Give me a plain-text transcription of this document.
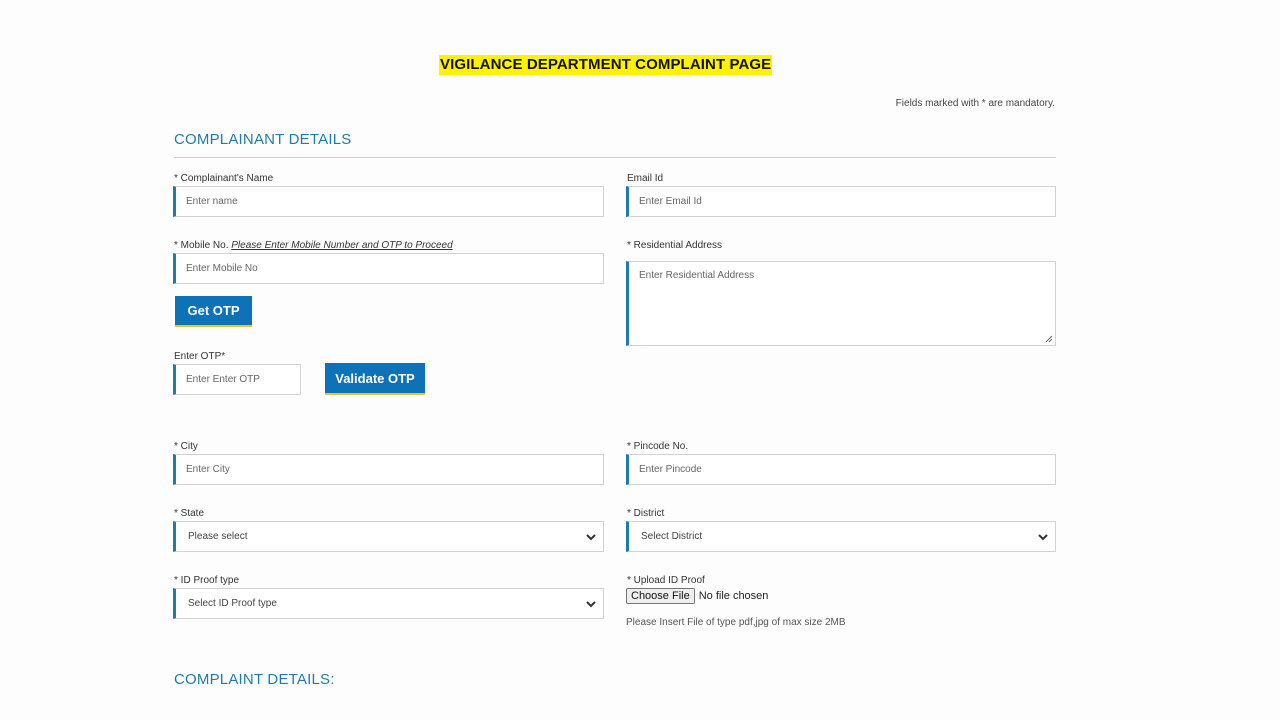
VIGILANCE DEPARTMENT COMPLAINT PAGE
Fields marked with * are mandatory.
COMPLAINANT DETAILS
* Complainant's Name
Enter name
Email Id
Enter Email Id
* Mobile No. Please Enter Mobile Number and OTP to Proceed
Enter Mobile No
Get OTP
* Residential Address
Enter Residential Address
Enter OTP*
Enter Enter OTP	Validate OTP
* City
Enter City
* Pincode No.
Enter Pincode
* State
Please select
* District
Select District
* ID Proof type
Select ID Proof type
* Upload ID Proof
Choose File No file chosen
Please Insert File of type pdf,jpg of max size 2MB
COMPLAINT DETAILS:
